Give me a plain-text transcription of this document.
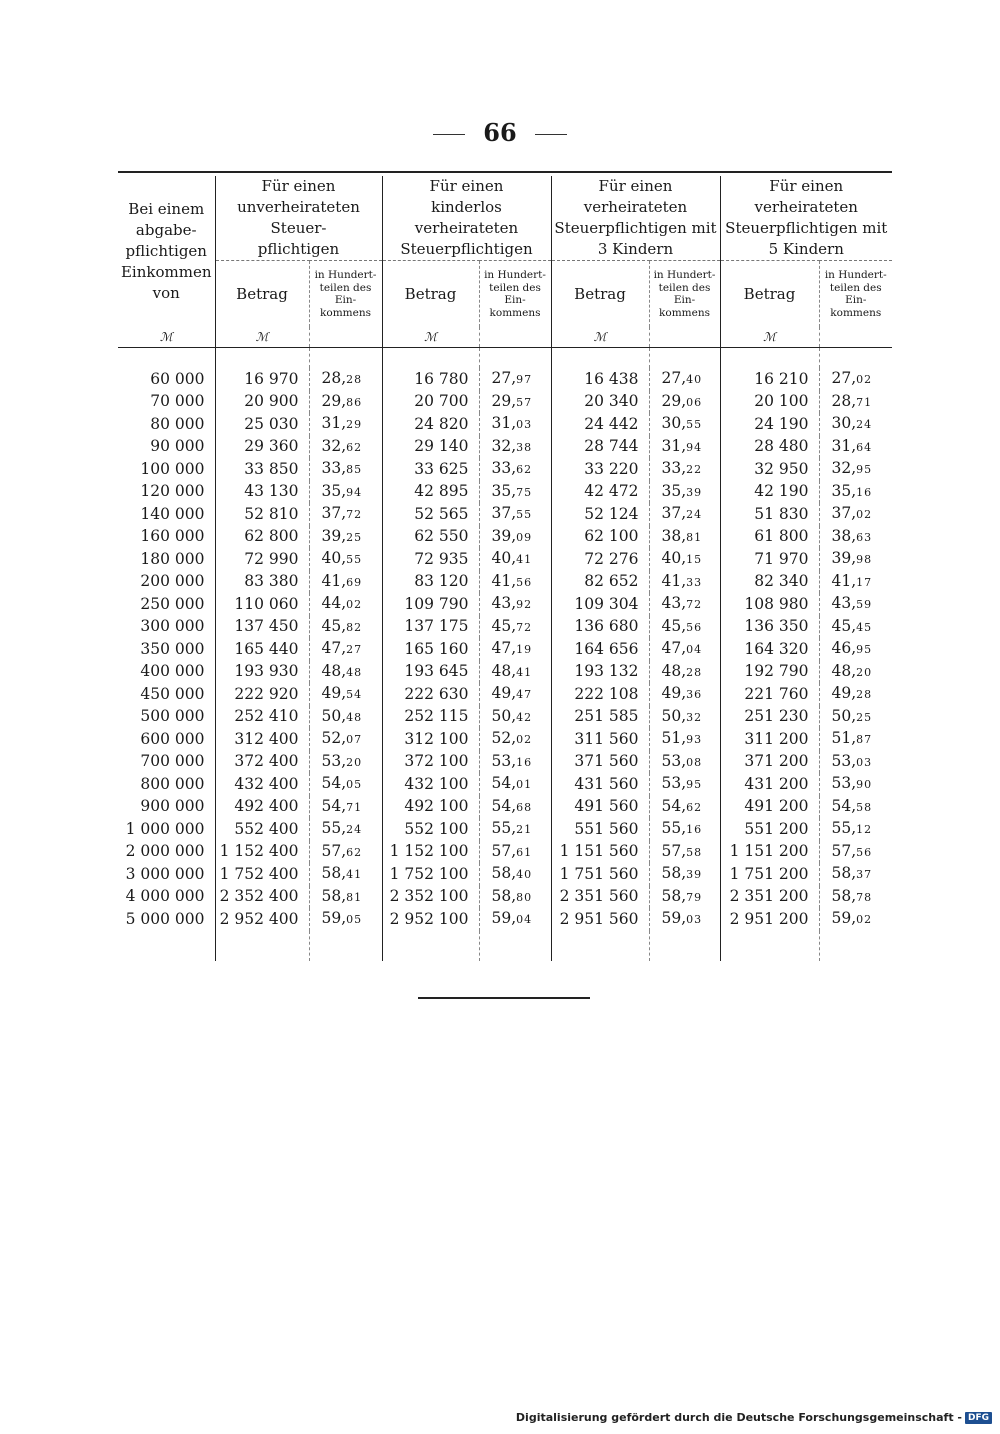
66
Bei einem
abgabe-
pflichtigen
Einkommen
von	Für einen
unverheirateten Steuer-
pflichtigen		Für einen
kinderlos verheirateten
Steuerpflichtigen		Für einen verheirateten
Steuerpflichtigen mit
3 Kindern		Für einen verheirateten
Steuerpflichtigen mit
5 Kindern	
	Betrag	in Hundert-
teilen des
Ein-
kommens	Betrag	in Hundert-
teilen des
Ein-
kommens	Betrag	in Hundert-
teilen des
Ein-
kommens	Betrag	in Hundert-
teilen des
Ein-
kommens
ℳ	ℳ		ℳ		ℳ		ℳ	

60 000	16 970	28,28	16 780	27,97	16 438	27,40	16 210	27,02
70 000	20 900	29,86	20 700	29,57	20 340	29,06	20 100	28,71
80 000	25 030	31,29	24 820	31,03	24 442	30,55	24 190	30,24
90 000	29 360	32,62	29 140	32,38	28 744	31,94	28 480	31,64
100 000	33 850	33,85	33 625	33,62	33 220	33,22	32 950	32,95
120 000	43 130	35,94	42 895	35,75	42 472	35,39	42 190	35,16
140 000	52 810	37,72	52 565	37,55	52 124	37,24	51 830	37,02
160 000	62 800	39,25	62 550	39,09	62 100	38,81	61 800	38,63
180 000	72 990	40,55	72 935	40,41	72 276	40,15	71 970	39,98
200 000	83 380	41,69	83 120	41,56	82 652	41,33	82 340	41,17
250 000	110 060	44,02	109 790	43,92	109 304	43,72	108 980	43,59
300 000	137 450	45,82	137 175	45,72	136 680	45,56	136 350	45,45
350 000	165 440	47,27	165 160	47,19	164 656	47,04	164 320	46,95
400 000	193 930	48,48	193 645	48,41	193 132	48,28	192 790	48,20
450 000	222 920	49,54	222 630	49,47	222 108	49,36	221 760	49,28
500 000	252 410	50,48	252 115	50,42	251 585	50,32	251 230	50,25
600 000	312 400	52,07	312 100	52,02	311 560	51,93	311 200	51,87
700 000	372 400	53,20	372 100	53,16	371 560	53,08	371 200	53,03
800 000	432 400	54,05	432 100	54,01	431 560	53,95	431 200	53,90
900 000	492 400	54,71	492 100	54,68	491 560	54,62	491 200	54,58
1 000 000	552 400	55,24	552 100	55,21	551 560	55,16	551 200	55,12
2 000 000	1 152 400	57,62	1 152 100	57,61	1 151 560	57,58	1 151 200	57,56
3 000 000	1 752 400	58,41	1 752 100	58,40	1 751 560	58,39	1 751 200	58,37
4 000 000	2 352 400	58,81	2 352 100	58,80	2 351 560	58,79	2 351 200	58,78
5 000 000	2 952 400	59,05	2 952 100	59,04	2 951 560	59,03	2 951 200	59,02

Digitalisierung gefördert durch die Deutsche Forschungsgemeinschaft - DFG
